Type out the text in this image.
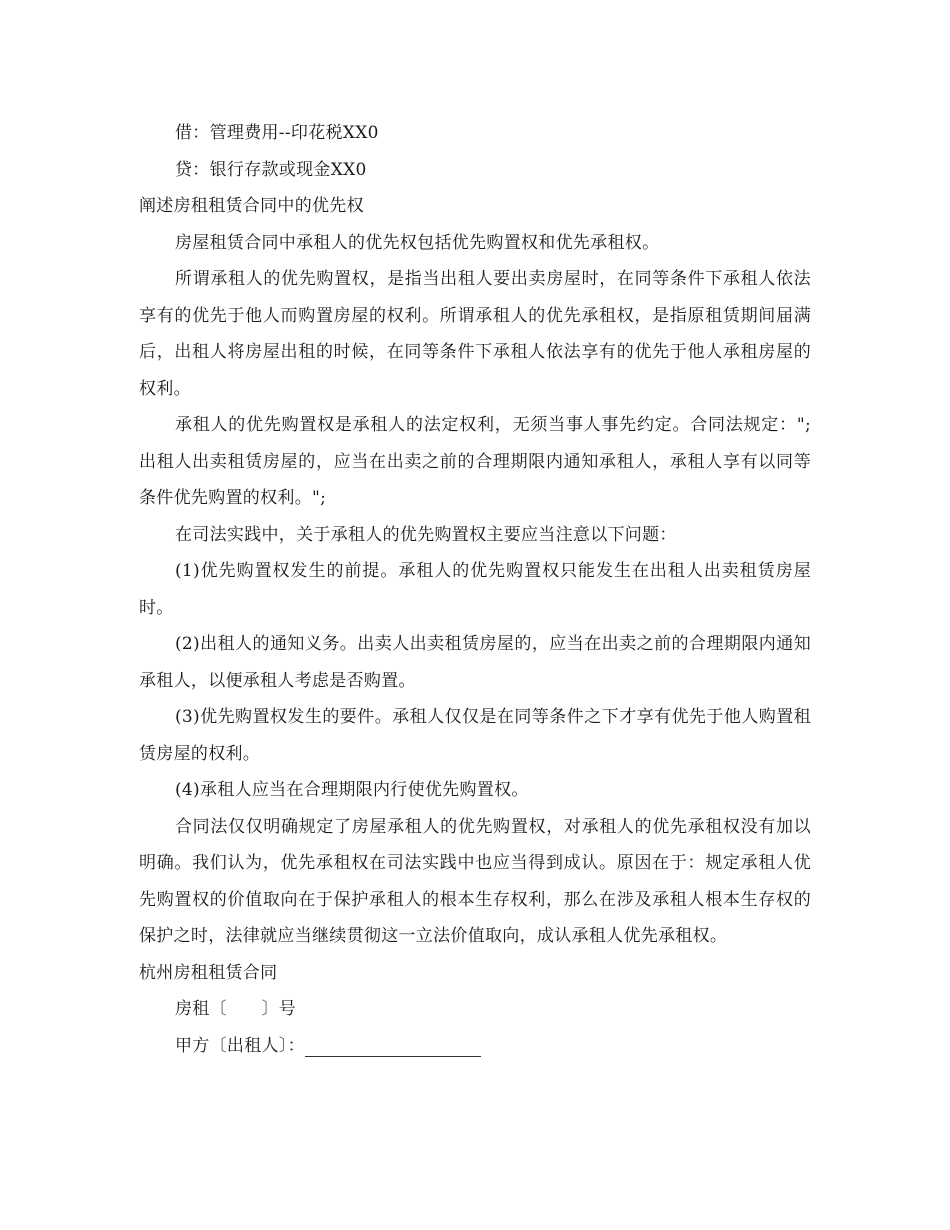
借：管理费用--印花税XX0

贷：银行存款或现金XX0

阐述房租租赁合同中的优先权

房屋租赁合同中承租人的优先权包括优先购置权和优先承租权。

所谓承租人的优先购置权，是指当出租人要出卖房屋时，在同等条件下承租人依法享有的优先于他人而购置房屋的权利。所谓承租人的优先承租权，是指原租赁期间届满后，出租人将房屋出租的时候，在同等条件下承租人依法享有的优先于他人承租房屋的权利。

承租人的优先购置权是承租人的法定权利，无须当事人事先约定。合同法规定：";出租人出卖租赁房屋的，应当在出卖之前的合理期限内通知承租人，承租人享有以同等条件优先购置的权利。";

在司法实践中，关于承租人的优先购置权主要应当注意以下问题：

(1)优先购置权发生的前提。承租人的优先购置权只能发生在出租人出卖租赁房屋时。

(2)出租人的通知义务。出卖人出卖租赁房屋的，应当在出卖之前的合理期限内通知承租人，以便承租人考虑是否购置。

(3)优先购置权发生的要件。承租人仅仅是在同等条件之下才享有优先于他人购置租赁房屋的权利。

(4)承租人应当在合理期限内行使优先购置权。

合同法仅仅明确规定了房屋承租人的优先购置权，对承租人的优先承租权没有加以明确。我们认为，优先承租权在司法实践中也应当得到成认。原因在于：规定承租人优先购置权的价值取向在于保护承租人的根本生存权利，那么在涉及承租人根本生存权的保护之时，法律就应当继续贯彻这一立法价值取向，成认承租人优先承租权。

杭州房租租赁合同

房租〔　　〕号

甲方〔出租人〕：
